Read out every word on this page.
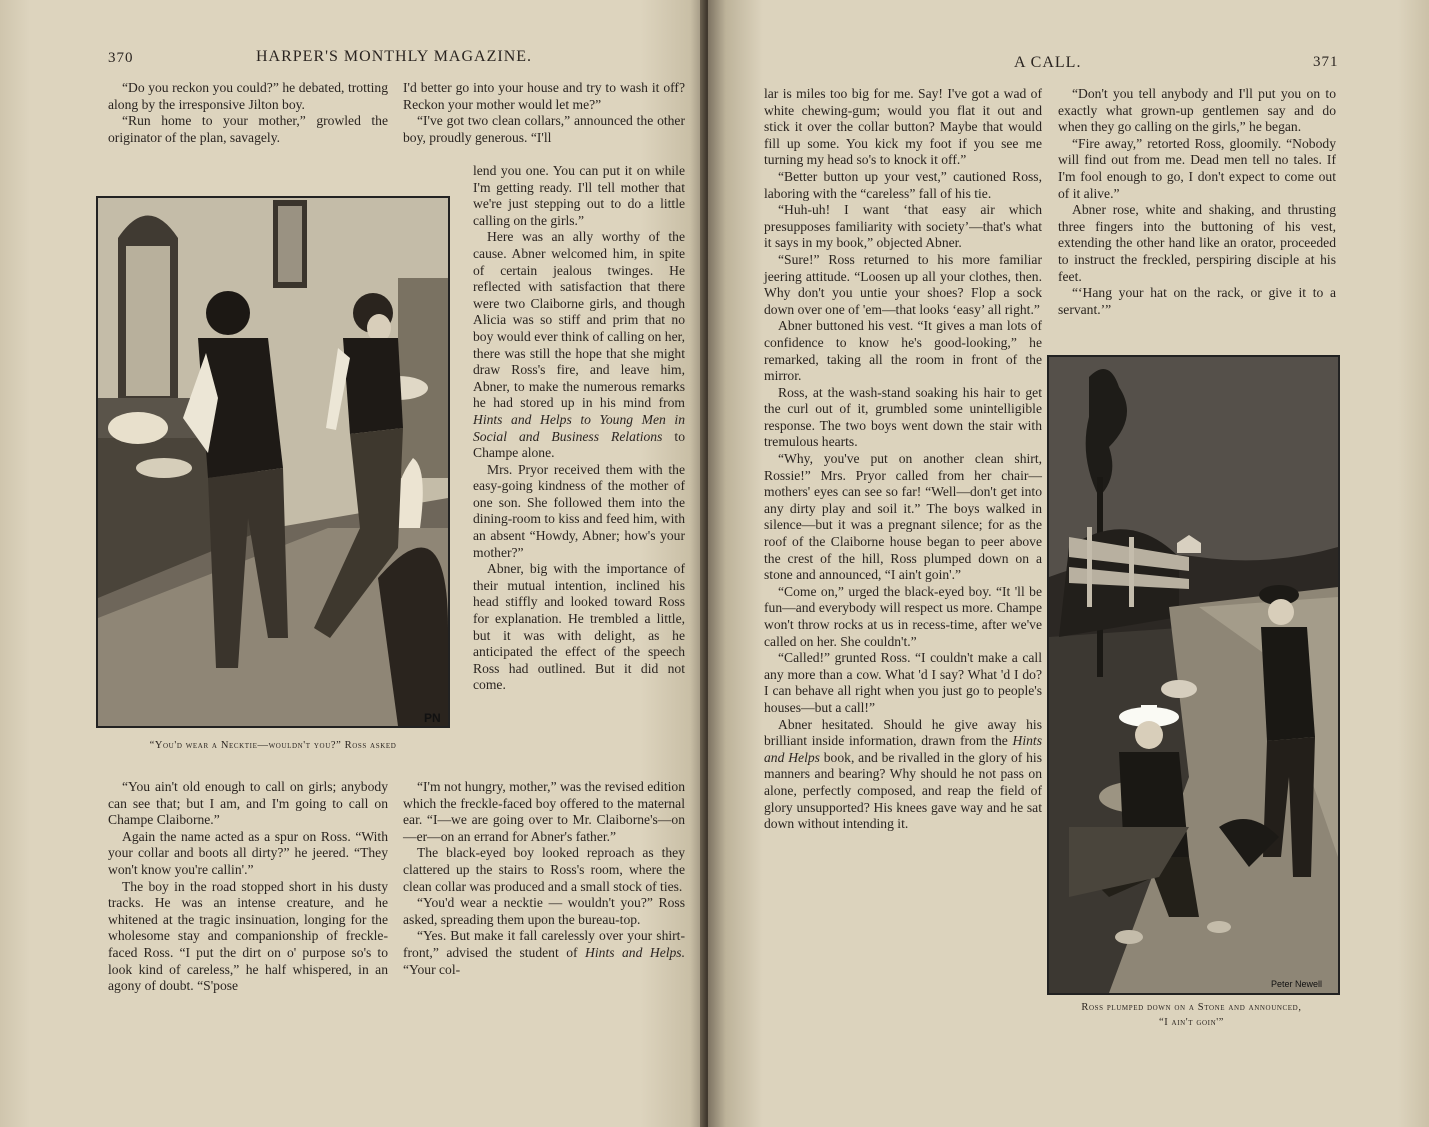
370	HARPER'S MONTHLY MAGAZINE.

“Do you reckon you could?” he debated, trotting along by the irresponsive Jilton boy.

“Run home to your mother,” growled the originator of the plan, savagely.

I'd better go into your house and try to wash it off? Reckon your mother would let me?”

“I've got two clean collars,” announced the other boy, proudly generous. “I'll

PN
“You'd wear a Necktie—wouldn't you?” Ross asked

lend you one. You can put it on while I'm getting ready. I'll tell mother that we're just stepping out to do a little calling on the girls.”

Here was an ally worthy of the cause. Abner welcomed him, in spite of certain jealous twinges. He reflected with satisfaction that there were two Claiborne girls, and though Alicia was so stiff and prim that no boy would ever think of calling on her, there was still the hope that she might draw Ross's fire, and leave him, Abner, to make the numerous remarks he had stored up in his mind from Hints and Helps to Young Men in Social and Business Relations to Champe alone.

Mrs. Pryor received them with the easy-going kindness of the mother of one son. She followed them into the dining-room to kiss and feed him, with an absent “Howdy, Abner; how's your mother?”

Abner, big with the importance of their mutual intention, inclined his head stiffly and looked toward Ross for explanation. He trembled a little, but it was with delight, as he anticipated the effect of the speech Ross had outlined. But it did not come.

“You ain't old enough to call on girls; anybody can see that; but I am, and I'm going to call on Champe Claiborne.”

Again the name acted as a spur on Ross. “With your collar and boots all dirty?” he jeered. “They won't know you're callin'.”

The boy in the road stopped short in his dusty tracks. He was an intense creature, and he whitened at the tragic insinuation, longing for the wholesome stay and companionship of freckle-faced Ross. “I put the dirt on o' purpose so's to look kind of careless,” he half whispered, in an agony of doubt. “S'pose

“I'm not hungry, mother,” was the revised edition which the freckle-faced boy offered to the maternal ear. “I—we are going over to Mr. Claiborne's—on—er—on an errand for Abner's father.”

The black-eyed boy looked reproach as they clattered up the stairs to Ross's room, where the clean collar was produced and a small stock of ties.

“You'd wear a necktie — wouldn't you?” Ross asked, spreading them upon the bureau-top.

“Yes. But make it fall carelessly over your shirt-front,” advised the student of Hints and Helps. “Your col-

A CALL.	371

lar is miles too big for me. Say! I've got a wad of white chewing-gum; would you flat it out and stick it over the collar button? Maybe that would fill up some. You kick my foot if you see me turning my head so's to knock it off.”

“Better button up your vest,” cautioned Ross, laboring with the “careless” fall of his tie.

“Huh-uh! I want ‘that easy air which presupposes familiarity with society’—that's what it says in my book,” objected Abner.

“Sure!” Ross returned to his more familiar jeering attitude. “Loosen up all your clothes, then. Why don't you untie your shoes? Flop a sock down over one of 'em—that looks ‘easy’ all right.”

Abner buttoned his vest. “It gives a man lots of confidence to know he's good-looking,” he remarked, taking all the room in front of the mirror.

Ross, at the wash-stand soaking his hair to get the curl out of it, grumbled some unintelligible response. The two boys went down the stair with tremulous hearts.

“Why, you've put on another clean shirt, Rossie!” Mrs. Pryor called from her chair—mothers' eyes can see so far! “Well—don't get into any dirty play and soil it.” The boys walked in silence—but it was a pregnant silence; for as the roof of the Claiborne house began to peer above the crest of the hill, Ross plumped down on a stone and announced, “I ain't goin'.”

“Come on,” urged the black-eyed boy. “It 'll be fun—and everybody will respect us more. Champe won't throw rocks at us in recess-time, after we've called on her. She couldn't.”

“Called!” grunted Ross. “I couldn't make a call any more than a cow. What 'd I say? What 'd I do? I can behave all right when you just go to people's houses—but a call!”

Abner hesitated. Should he give away his brilliant inside information, drawn from the Hints and Helps book, and be rivalled in the glory of his manners and bearing? Why should he not pass on alone, perfectly composed, and reap the field of glory unsupported? His knees gave way and he sat down without intending it.

“Don't you tell anybody and I'll put you on to exactly what grown-up gentlemen say and do when they go calling on the girls,” he began.

“Fire away,” retorted Ross, gloomily. “Nobody will find out from me. Dead men tell no tales. If I'm fool enough to go, I don't expect to come out of it alive.”

Abner rose, white and shaking, and thrusting three fingers into the buttoning of his vest, extending the other hand like an orator, proceeded to instruct the freckled, perspiring disciple at his feet.

“‘Hang your hat on the rack, or give it to a servant.’”

Peter Newell
Ross plumped down on a Stone and announced,
“I ain't goin'”
